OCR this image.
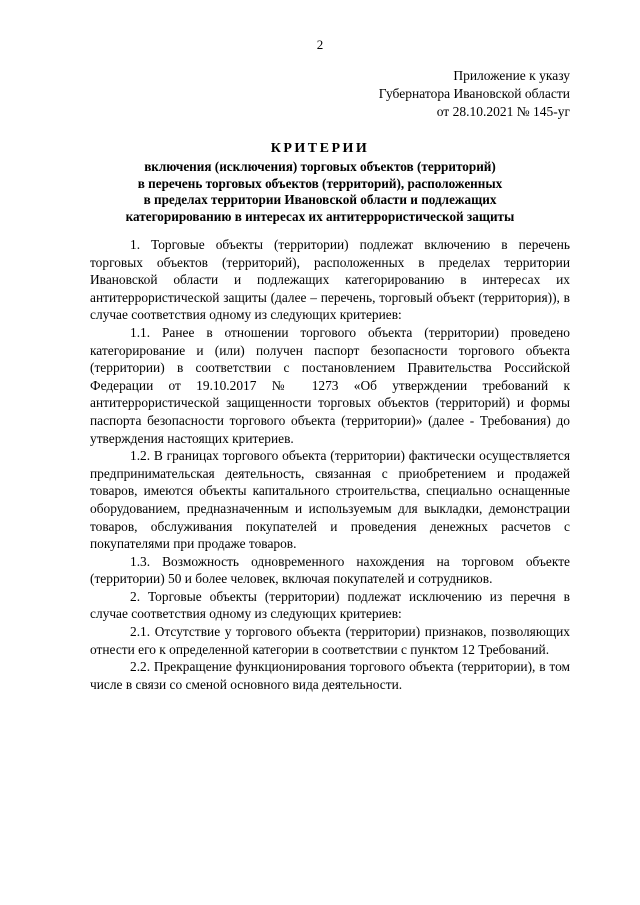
2
Приложение к указу
Губернатора Ивановской области
от 28.10.2021 № 145-уг
КРИТЕРИИ
включения (исключения) торговых объектов (территорий)
в перечень торговых объектов (территорий), расположенных
в пределах территории Ивановской области и подлежащих
категорированию в интересах их антитеррористической защиты

1. Торговые объекты (территории) подлежат включению в перечень торговых объектов (территорий), расположенных в пределах территории Ивановской области и подлежащих категорированию в интересах их антитеррористической защиты (далее – перечень, торговый объект (территория)), в случае соответствия одному из следующих критериев:

1.1. Ранее в отношении торгового объекта (территории) проведено категорирование и (или) получен паспорт безопасности торгового объекта (территории) в соответствии с постановлением Правительства Российской Федерации от 19.10.2017 № 1273 «Об утверждении требований к антитеррористической защищенности торговых объектов (территорий) и формы паспорта безопасности торгового объекта (территории)» (далее - Требования) до утверждения настоящих критериев.

1.2. В границах торгового объекта (территории) фактически осуществляется предпринимательская деятельность, связанная с приобретением и продажей товаров, имеются объекты капитального строительства, специально оснащенные оборудованием, предназначенным и используемым для выкладки, демонстрации товаров, обслуживания покупателей и проведения денежных расчетов с покупателями при продаже товаров.

1.3. Возможность одновременного нахождения на торговом объекте (территории) 50 и более человек, включая покупателей и сотрудников.

2. Торговые объекты (территории) подлежат исключению из перечня в случае соответствия одному из следующих критериев:

2.1. Отсутствие у торгового объекта (территории) признаков, позволяющих отнести его к определенной категории в соответствии с пунктом 12 Требований.

2.2. Прекращение функционирования торгового объекта (территории), в том числе в связи со сменой основного вида деятельности.
